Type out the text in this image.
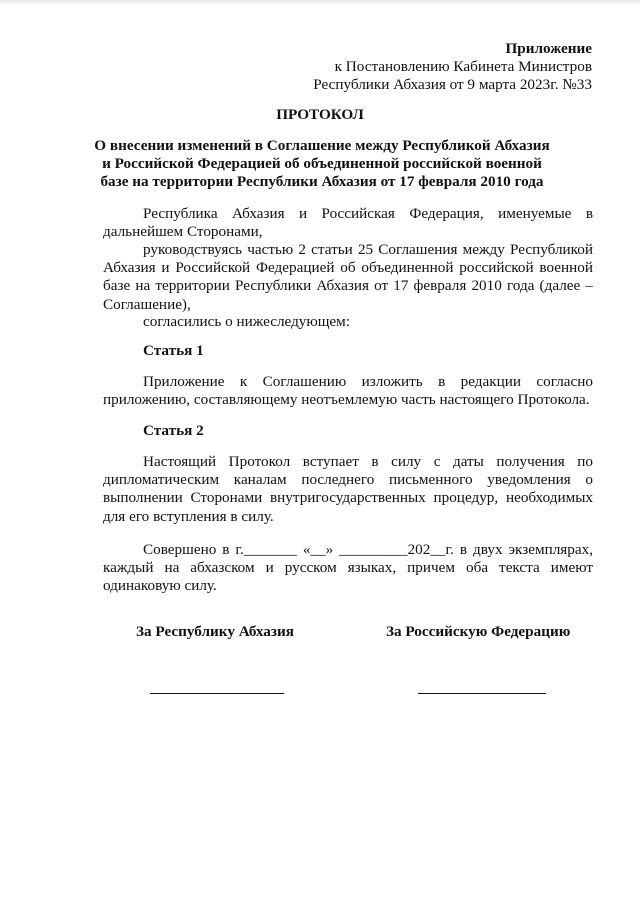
Приложение
к Постановлению Кабинета Министров
Республики Абхазия от 9 марта 2023г. №33
ПРОТОКОЛ
О внесении изменений в Соглашение между Республикой Абхазия и Российской Федерацией об объединенной российской военной базе на территории Республики Абхазия от 17 февраля 2010 года
Республика Абхазия и Российская Федерация, именуемые в дальнейшем Сторонами,
руководствуясь частью 2 статьи 25 Соглашения между Республикой Абхазия и Российской Федерацией об объединенной российской военной базе на территории Республики Абхазия от 17 февраля 2010 года (далее – Соглашение),
согласились о нижеследующем:
Статья 1
Приложение к Соглашению изложить в редакции согласно приложению, составляющему неотъемлемую часть настоящего Протокола.
Статья 2
Настоящий Протокол вступает в силу с даты получения по дипломатическим каналам последнего письменного уведомления о выполнении Сторонами внутригосударственных процедур, необходимых для его вступления в силу.
Совершено в г._______ «__» _________202__г. в двух экземплярах, каждый на абхазском и русском языках, причем оба текста имеют одинаковую силу.
За Республику Абхазия	За Российскую Федерацию
